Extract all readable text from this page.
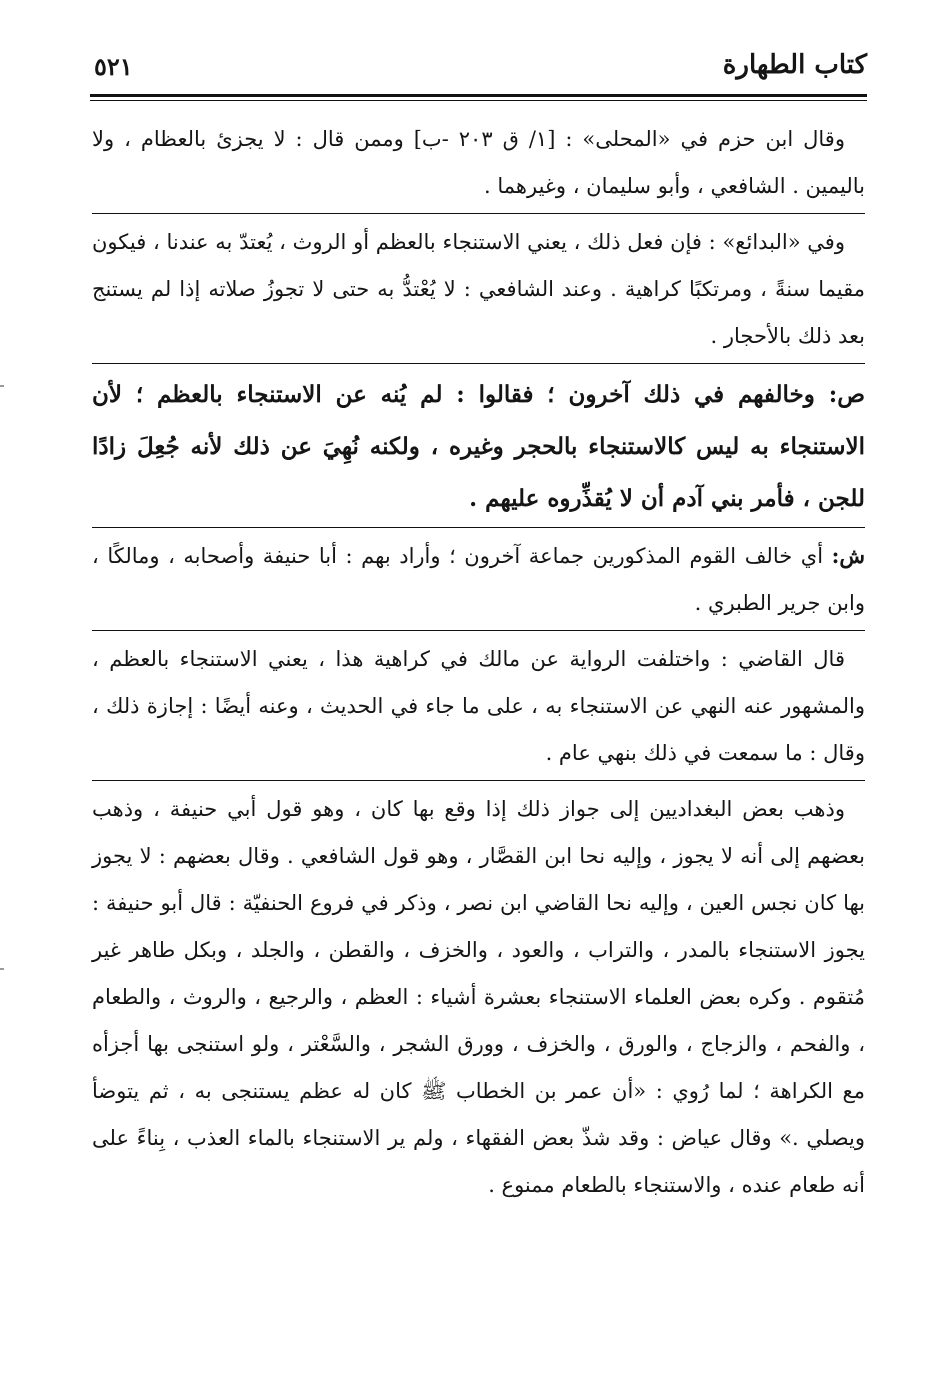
كتاب الطهارة
٥٢١

وقال ابن حزم في «المحلى» : [١/ ق ٢٠٣ -ب] وممن قال : لا يجزئ بالعظام ، ولا باليمين . الشافعي ، وأبو سليمان ، وغيرهما .

وفي «البدائع» : فإن فعل ذلك ، يعني الاستنجاء بالعظم أو الروث ، يُعتدّ به عندنا ، فيكون مقيما سنةً ، ومرتكبًا كراهية . وعند الشافعي : لا يُعْتدُّ به حتى لا تجوزُ صلاته إذا لم يستنج بعد ذلك بالأحجار .

ص: وخالفهم في ذلك آخرون ؛ فقالوا : لم يُنه عن الاستنجاء بالعظم ؛ لأن الاستنجاء به ليس كالاستنجاء بالحجر وغيره ، ولكنه نُهِيَ عن ذلك لأنه جُعِلَ زادًا للجن ، فأمر بني آدم أن لا يُقذِّروه عليهم .

ش: أي خالف القوم المذكورين جماعة آخرون ؛ وأراد بهم : أبا حنيفة وأصحابه ، ومالكًا ، وابن جرير الطبري .

قال القاضي : واختلفت الرواية عن مالك في كراهية هذا ، يعني الاستنجاء بالعظم ، والمشهور عنه النهي عن الاستنجاء به ، على ما جاء في الحديث ، وعنه أيضًا : إجازة ذلك ، وقال : ما سمعت في ذلك بنهي عام .

وذهب بعض البغداديين إلى جواز ذلك إذا وقع بها كان ، وهو قول أبي حنيفة ، وذهب بعضهم إلى أنه لا يجوز ، وإليه نحا ابن القصَّار ، وهو قول الشافعي . وقال بعضهم : لا يجوز بها كان نجس العين ، وإليه نحا القاضي ابن نصر ، وذكر في فروع الحنفيّة : قال أبو حنيفة : يجوز الاستنجاء بالمدر ، والتراب ، والعود ، والخزف ، والقطن ، والجلد ، وبكل طاهر غير مُتقوم . وكره بعض العلماء الاستنجاء بعشرة أشياء : العظم ، والرجيع ، والروث ، والطعام ، والفحم ، والزجاج ، والورق ، والخزف ، وورق الشجر ، والسَّعْتر ، ولو استنجى بها أجزأه مع الكراهة ؛ لما رُوي : «أن عمر بن الخطاب ﷺ كان له عظم يستنجى به ، ثم يتوضأ ويصلي .» وقال عياض : وقد شذّ بعض الفقهاء ، ولم ير الاستنجاء بالماء العذب ، بِناءً على أنه طعام عنده ، والاستنجاء بالطعام ممنوع .
